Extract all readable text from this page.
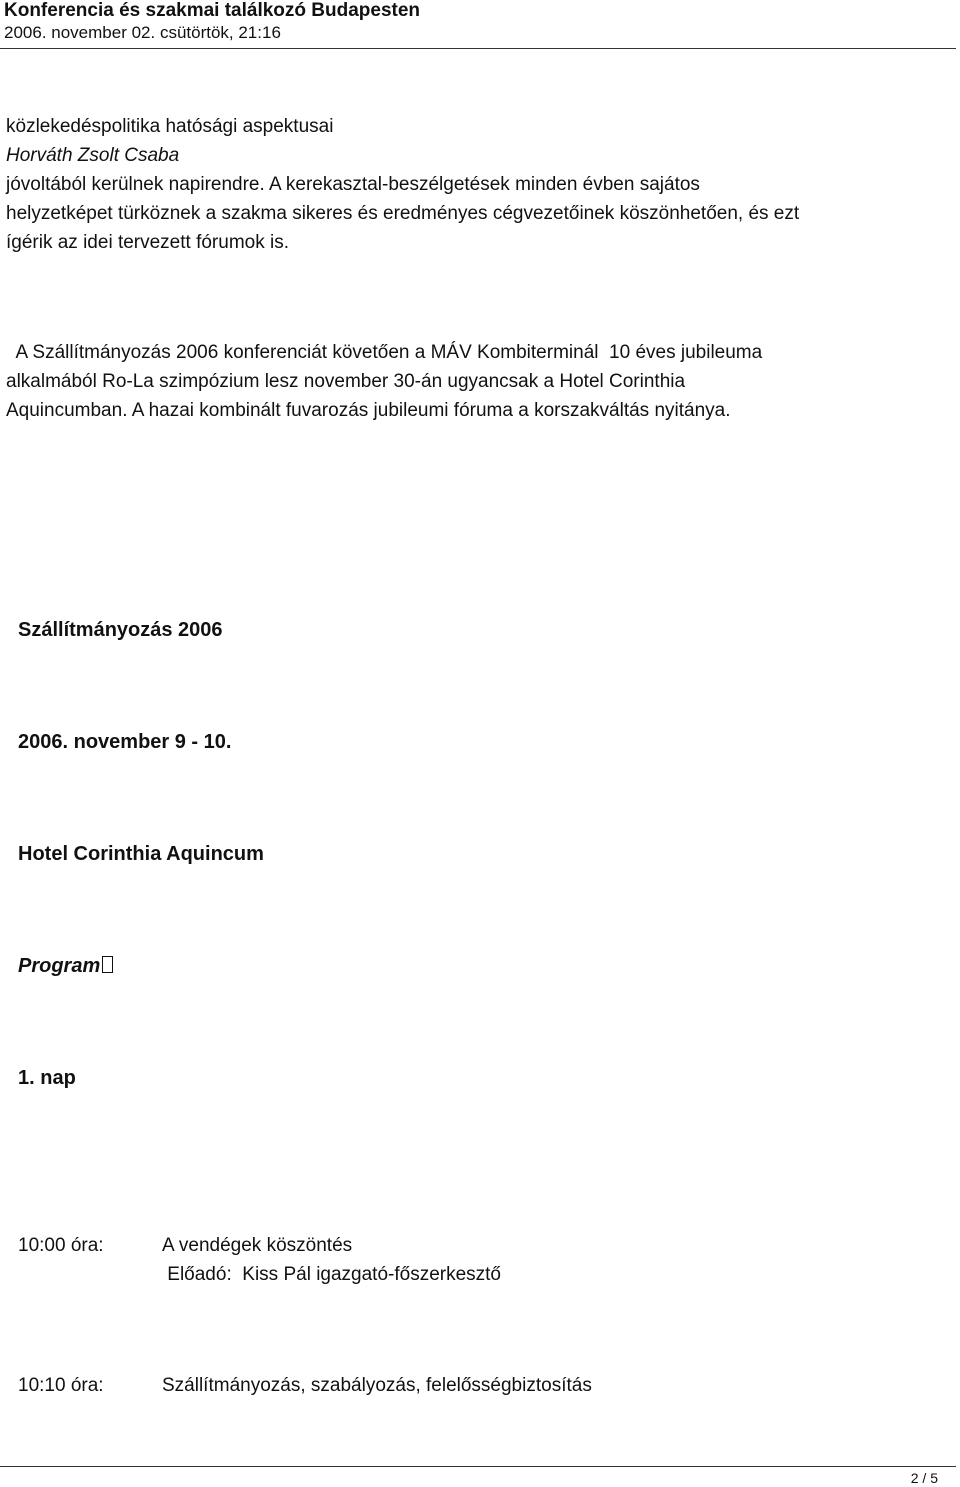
Konferencia és szakmai találkozó Budapesten
2006. november 02. csütörtök, 21:16
közlekedéspolitika hatósági aspektusai
Horváth Zsolt Csaba
jóvoltából kerülnek napirendre. A kerekasztal-beszélgetések minden évben sajátos
helyzetképet türköznek a szakma sikeres és eredményes cégvezetőinek köszönhetően, és ezt
ígérik az idei tervezett fórumok is.
A Szállítmányozás 2006 konferenciát követően a MÁV Kombiterminál  10 éves jubileuma
alkalmából Ro-La szimpózium lesz november 30-án ugyancsak a Hotel Corinthia
Aquincumban. A hazai kombinált fuvarozás jubileumi fóruma a korszakváltás nyitánya.
Szállítmányozás 2006
2006. november 9 - 10.
Hotel Corinthia Aquincum
Program
1. nap
10:00 óra:	A vendégek köszöntés
Előadó:  Kiss Pál igazgató-főszerkesztő
10:10 óra:	Szállítmányozás, szabályozás, felelősségbiztosítás
2 / 5
